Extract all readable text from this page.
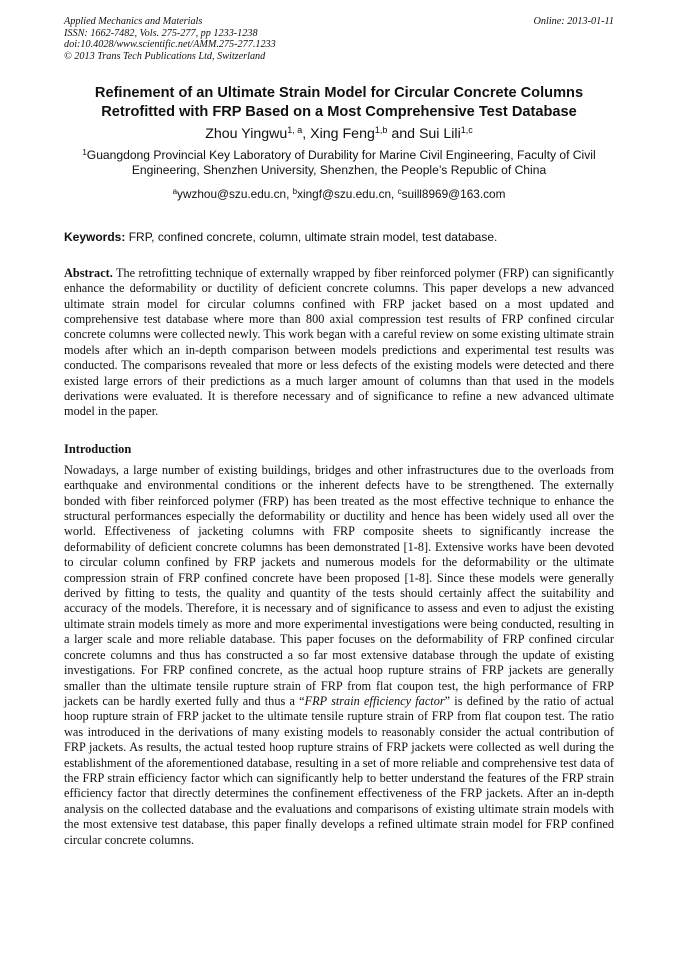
Applied Mechanics and Materials
ISSN: 1662-7482, Vols. 275-277, pp 1233-1238
doi:10.4028/www.scientific.net/AMM.275-277.1233
© 2013 Trans Tech Publications Ltd, Switzerland
Online: 2013-01-11
Refinement of an Ultimate Strain Model for Circular Concrete Columns
Retrofitted with FRP Based on a Most Comprehensive Test Database
Zhou Yingwu$^{1, a}$, Xing Feng$^{1,b}$ and Sui Lili$^{1,c}$
$^1$Guangdong Provincial Key Laboratory of Durability for Marine Civil Engineering, Faculty of Civil Engineering, Shenzhen University, Shenzhen, the People’s Republic of China
$^a$ywzhou@szu.edu.cn, $^b$xingf@szu.edu.cn, $^c$suill8969@163.com
Keywords: FRP, confined concrete, column, ultimate strain model, test database.
Abstract. The retrofitting technique of externally wrapped by fiber reinforced polymer (FRP) can significantly enhance the deformability or ductility of deficient concrete columns. This paper develops a new advanced ultimate strain model for circular columns confined with FRP jacket based on a most updated and comprehensive test database where more than 800 axial compression test results of FRP confined circular concrete columns were collected newly. This work began with a careful review on some existing ultimate strain models after which an in-depth comparison between models predictions and experimental test results was conducted. The comparisons revealed that more or less defects of the existing models were detected and there existed large errors of their predictions as a much larger amount of columns than that used in the models derivations were evaluated. It is therefore necessary and of significance to refine a new advanced ultimate model in the paper.
Introduction
Nowadays, a large number of existing buildings, bridges and other infrastructures due to the overloads from earthquake and environmental conditions or the inherent defects have to be strengthened. The externally bonded with fiber reinforced polymer (FRP) has been treated as the most effective technique to enhance the structural performances especially the deformability or ductility and hence has been widely used all over the world. Effectiveness of jacketing columns with FRP composite sheets to significantly increase the deformability of deficient concrete columns has been demonstrated [1-8]. Extensive works have been devoted to circular column confined by FRP jackets and numerous models for the deformability or the ultimate compression strain of FRP confined concrete have been proposed [1-8]. Since these models were generally derived by fitting to tests, the quality and quantity of the tests should certainly affect the suitability and accuracy of the models. Therefore, it is necessary and of significance to assess and even to adjust the existing ultimate strain models timely as more and more experimental investigations were being conducted, resulting in a larger scale and more reliable database. This paper focuses on the deformability of FRP confined circular concrete columns and thus has constructed a so far most extensive database through the update of existing investigations. For FRP confined concrete, as the actual hoop rupture strains of FRP jackets are generally smaller than the ultimate tensile rupture strain of FRP from flat coupon test, the high performance of FRP jackets can be hardly exerted fully and thus a “FRP strain efficiency factor” is defined by the ratio of actual hoop rupture strain of FRP jacket to the ultimate tensile rupture strain of FRP from flat coupon test. The ratio was introduced in the derivations of many existing models to reasonably consider the actual contribution of FRP jackets. As results, the actual tested hoop rupture strains of FRP jackets were collected as well during the establishment of the aforementioned database, resulting in a set of more reliable and comprehensive test data of the FRP strain efficiency factor which can significantly help to better understand the features of the FRP strain efficiency factor that directly determines the confinement effectiveness of the FRP jackets. After an in-depth analysis on the collected database and the evaluations and comparisons of existing ultimate strain models with the most extensive test database, this paper finally develops a refined ultimate strain model for FRP confined circular concrete columns.
